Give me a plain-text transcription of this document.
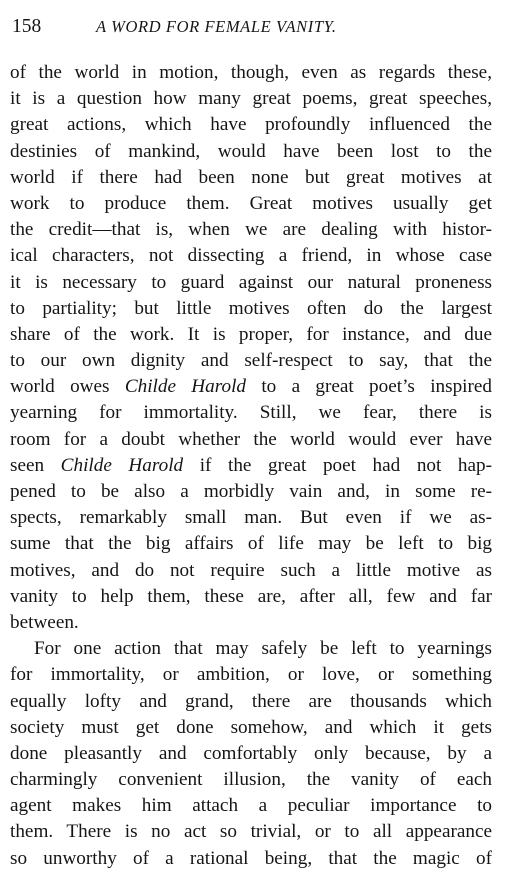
158	A WORD FOR FEMALE VANITY.
of the world in motion, though, even as regards these,
it is a question how many great poems, great speeches,
great actions, which have profoundly influenced the
destinies of mankind, would have been lost to the
world if there had been none but great motives at
work to produce them. Great motives usually get
the credit—that is, when we are dealing with histor-
ical characters, not dissecting a friend, in whose case
it is necessary to guard against our natural proneness
to partiality; but little motives often do the largest
share of the work. It is proper, for instance, and due
to our own dignity and self-respect to say, that the
world owes Childe Harold to a great poet’s inspired
yearning for immortality. Still, we fear, there is
room for a doubt whether the world would ever have
seen Childe Harold if the great poet had not hap-
pened to be also a morbidly vain and, in some re-
spects, remarkably small man. But even if we as-
sume that the big affairs of life may be left to big
motives, and do not require such a little motive as
vanity to help them, these are, after all, few and far
between.
For one action that may safely be left to yearnings
for immortality, or ambition, or love, or something
equally lofty and grand, there are thousands which
society must get done somehow, and which it gets
done pleasantly and comfortably only because, by a
charmingly convenient illusion, the vanity of each
agent makes him attach a peculiar importance to
them. There is no act so trivial, or to all appearance
so unworthy of a rational being, that the magic of
